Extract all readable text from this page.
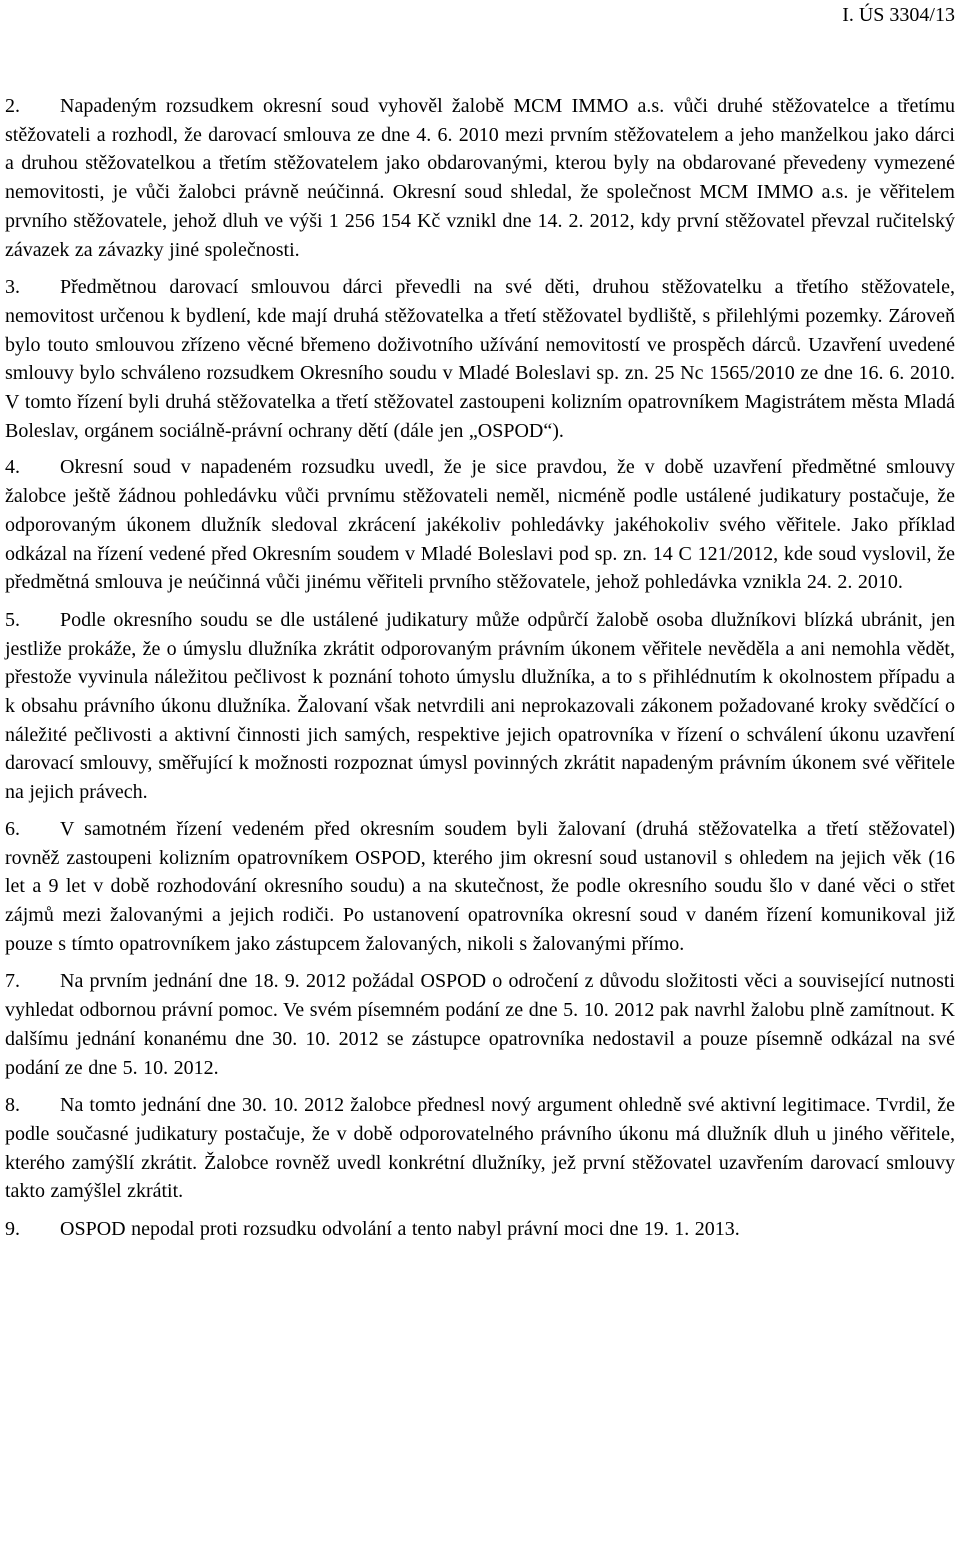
I. ÚS 3304/13

2. Napadeným rozsudkem okresní soud vyhověl žalobě MCM IMMO a.s. vůči druhé stěžovatelce a třetímu stěžovateli a rozhodl, že darovací smlouva ze dne 4. 6. 2010 mezi prvním stěžovatelem a jeho manželkou jako dárci a druhou stěžovatelkou a třetím stěžovatelem jako obdarovanými, kterou byly na obdarované převedeny vymezené nemovitosti, je vůči žalobci právně neúčinná. Okresní soud shledal, že společnost MCM IMMO a.s. je věřitelem prvního stěžovatele, jehož dluh ve výši 1 256 154 Kč vznikl dne 14. 2. 2012, kdy první stěžovatel převzal ručitelský závazek za závazky jiné společnosti.

3. Předmětnou darovací smlouvou dárci převedli na své děti, druhou stěžovatelku a třetího stěžovatele, nemovitost určenou k bydlení, kde mají druhá stěžovatelka a třetí stěžovatel bydliště, s přilehlými pozemky. Zároveň bylo touto smlouvou zřízeno věcné břemeno doživotního užívání nemovitostí ve prospěch dárců. Uzavření uvedené smlouvy bylo schváleno rozsudkem Okresního soudu v Mladé Boleslavi sp. zn. 25 Nc 1565/2010 ze dne 16. 6. 2010. V tomto řízení byli druhá stěžovatelka a třetí stěžovatel zastoupeni kolizním opatrovníkem Magistrátem města Mladá Boleslav, orgánem sociálně-právní ochrany dětí (dále jen „OSPOD“).

4. Okresní soud v napadeném rozsudku uvedl, že je sice pravdou, že v době uzavření předmětné smlouvy žalobce ještě žádnou pohledávku vůči prvnímu stěžovateli neměl, nicméně podle ustálené judikatury postačuje, že odporovaným úkonem dlužník sledoval zkrácení jakékoliv pohledávky jakéhokoliv svého věřitele. Jako příklad odkázal na řízení vedené před Okresním soudem v Mladé Boleslavi pod sp. zn. 14 C 121/2012, kde soud vyslovil, že předmětná smlouva je neúčinná vůči jinému věřiteli prvního stěžovatele, jehož pohledávka vznikla 24. 2. 2010.

5. Podle okresního soudu se dle ustálené judikatury může odpůrčí žalobě osoba dlužníkovi blízká ubránit, jen jestliže prokáže, že o úmyslu dlužníka zkrátit odporovaným právním úkonem věřitele nevěděla a ani nemohla vědět, přestože vyvinula náležitou pečlivost k poznání tohoto úmyslu dlužníka, a to s přihlédnutím k okolnostem případu a k obsahu právního úkonu dlužníka. Žalovaní však netvrdili ani neprokazovali zákonem požadované kroky svědčící o náležité pečlivosti a aktivní činnosti jich samých, respektive jejich opatrovníka v řízení o schválení úkonu uzavření darovací smlouvy, směřující k možnosti rozpoznat úmysl povinných zkrátit napadeným právním úkonem své věřitele na jejich právech.

6. V samotném řízení vedeném před okresním soudem byli žalovaní (druhá stěžovatelka a třetí stěžovatel) rovněž zastoupeni kolizním opatrovníkem OSPOD, kterého jim okresní soud ustanovil s ohledem na jejich věk (16 let a 9 let v době rozhodování okresního soudu) a na skutečnost, že podle okresního soudu šlo v dané věci o střet zájmů mezi žalovanými a jejich rodiči. Po ustanovení opatrovníka okresní soud v daném řízení komunikoval již pouze s tímto opatrovníkem jako zástupcem žalovaných, nikoli s žalovanými přímo.

7. Na prvním jednání dne 18. 9. 2012 požádal OSPOD o odročení z důvodu složitosti věci a související nutnosti vyhledat odbornou právní pomoc. Ve svém písemném podání ze dne 5. 10. 2012 pak navrhl žalobu plně zamítnout. K dalšímu jednání konanému dne 30. 10. 2012 se zástupce opatrovníka nedostavil a pouze písemně odkázal na své podání ze dne 5. 10. 2012.

8. Na tomto jednání dne 30. 10. 2012 žalobce přednesl nový argument ohledně své aktivní legitimace. Tvrdil, že podle současné judikatury postačuje, že v době odporovatelného právního úkonu má dlužník dluh u jiného věřitele, kterého zamýšlí zkrátit. Žalobce rovněž uvedl konkrétní dlužníky, jež první stěžovatel uzavřením darovací smlouvy takto zamýšlel zkrátit.

9. OSPOD nepodal proti rozsudku odvolání a tento nabyl právní moci dne 19. 1. 2013.
